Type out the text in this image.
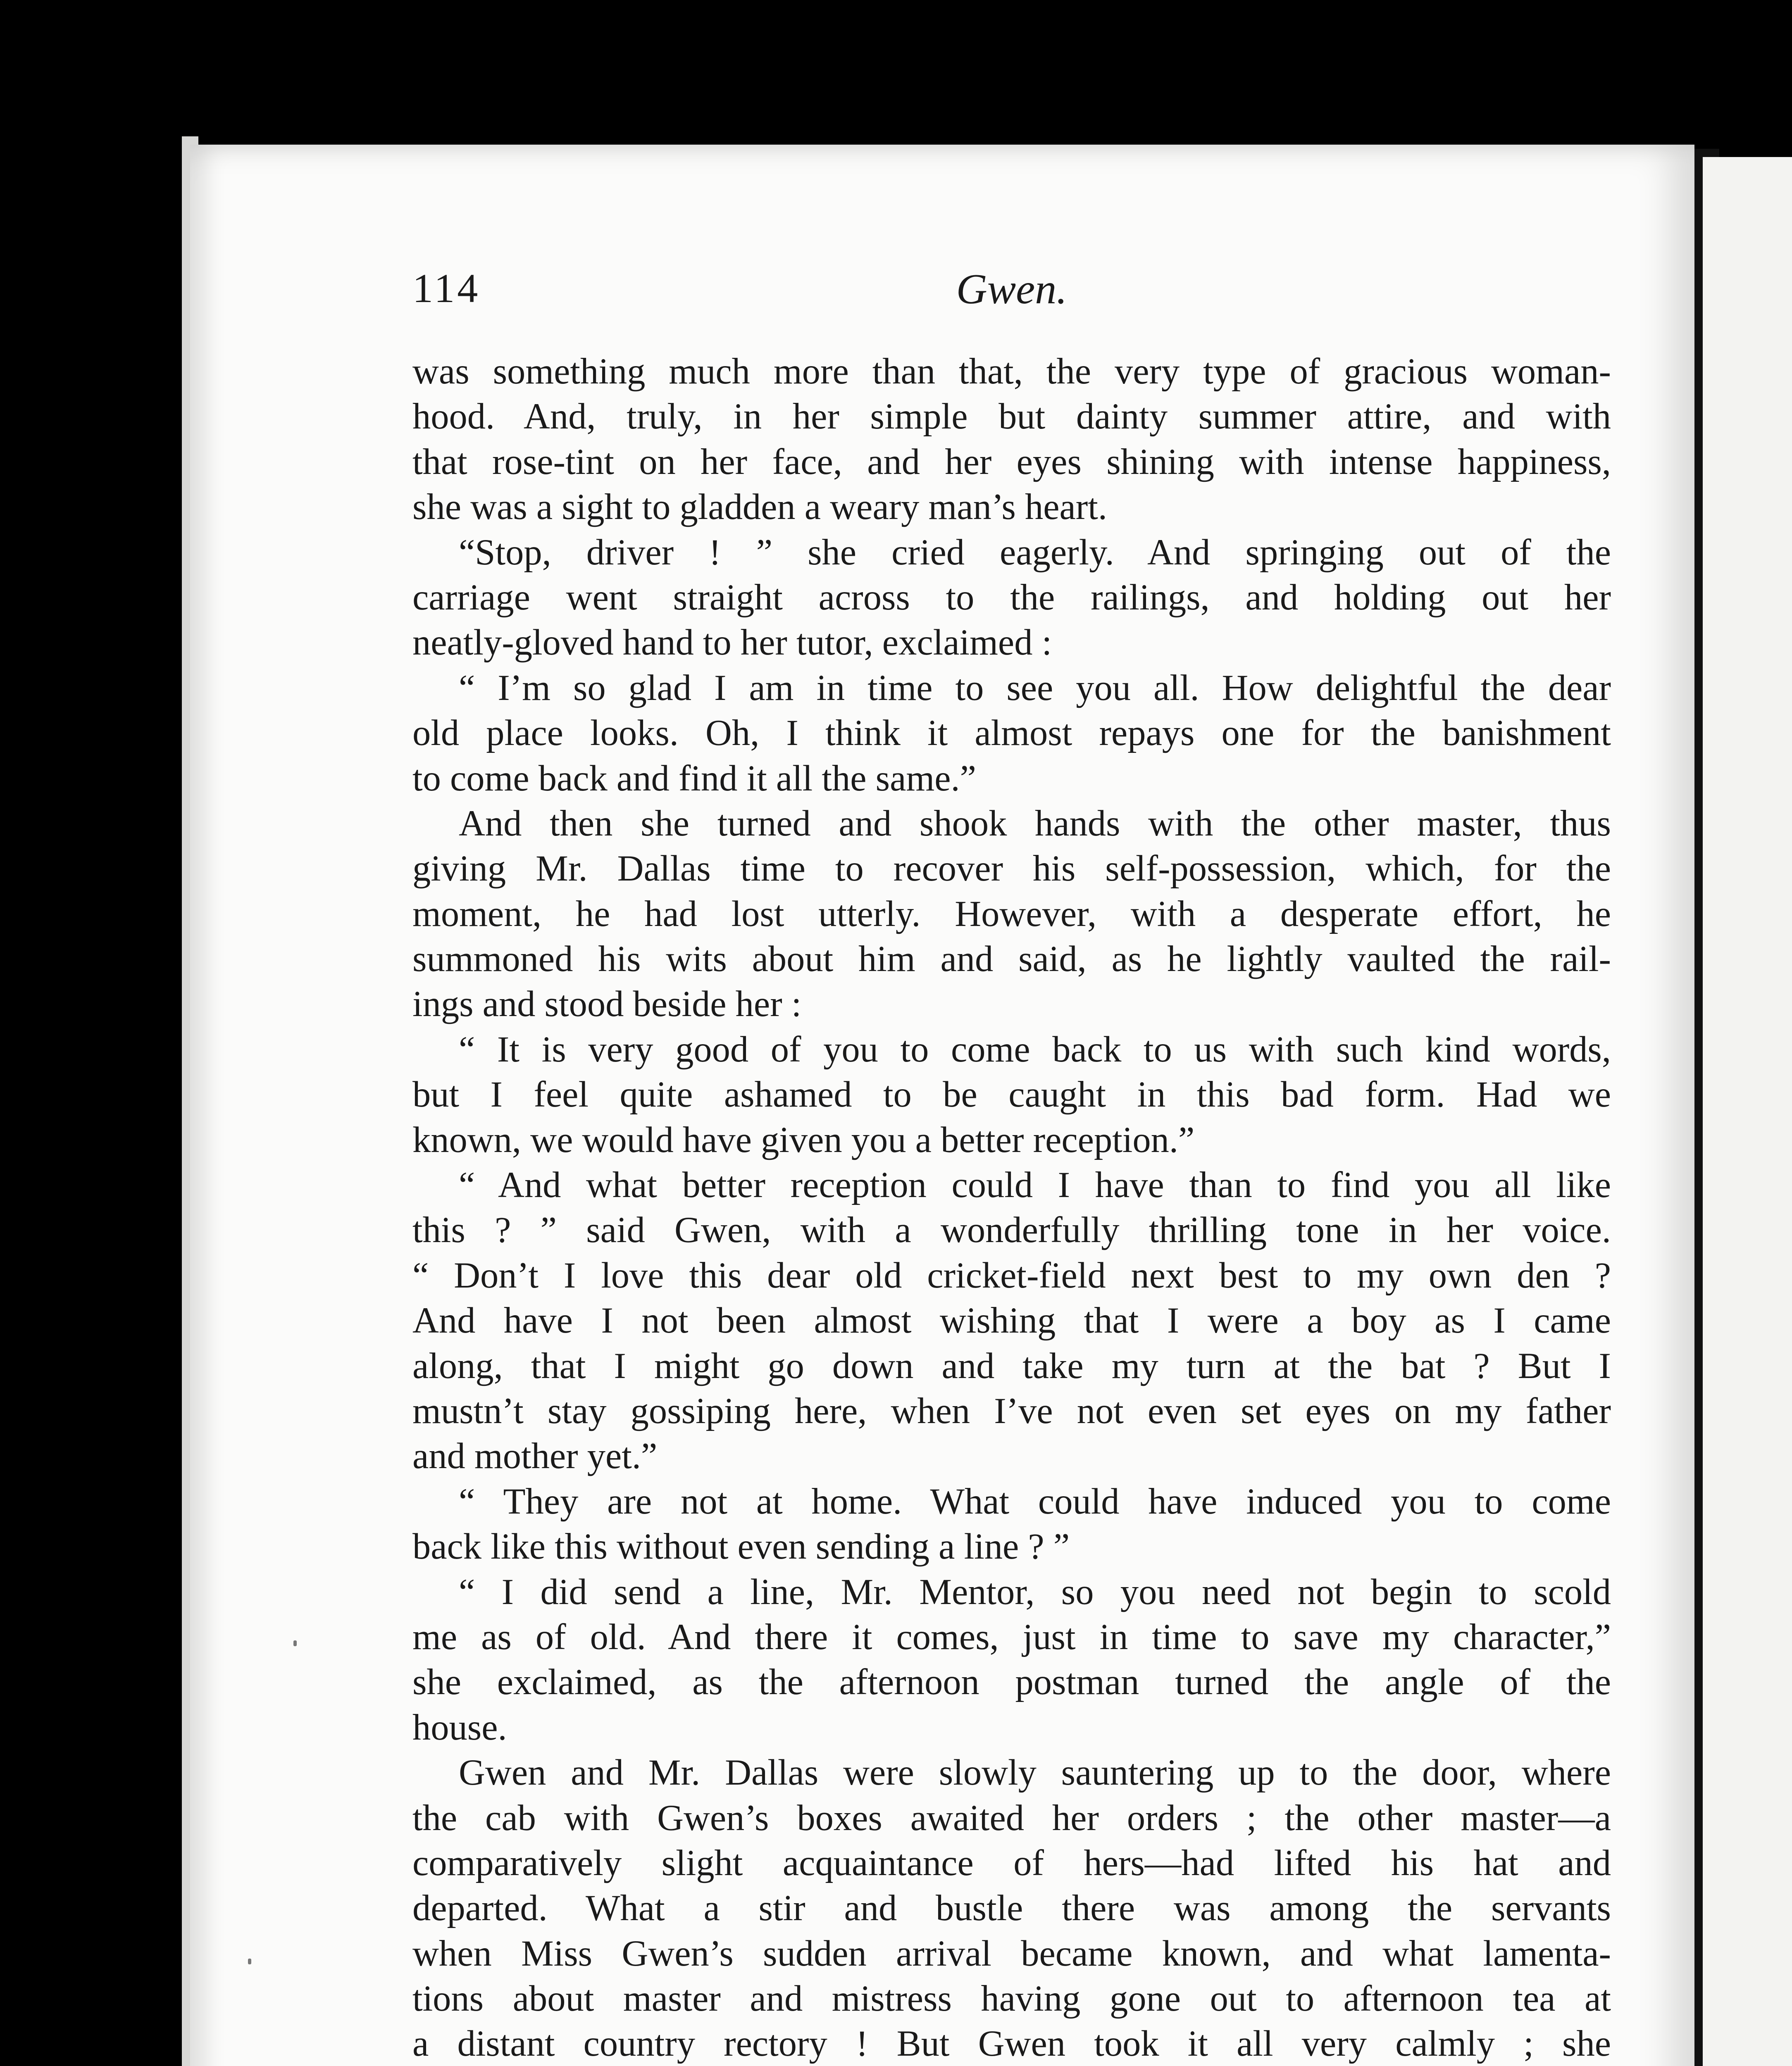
114	Gwen.
was something much more than that, the very type of gracious woman-
hood. And, truly, in her simple but dainty summer attire, and with
that rose-tint on her face, and her eyes shining with intense happiness,
she was a sight to gladden a weary man’s heart.
“Stop, driver ! ” she cried eagerly. And springing out of the
carriage went straight across to the railings, and holding out her
neatly-gloved hand to her tutor, exclaimed :
“ I’m so glad I am in time to see you all. How delightful the dear
old place looks. Oh, I think it almost repays one for the banishment
to come back and find it all the same.”
And then she turned and shook hands with the other master, thus
giving Mr. Dallas time to recover his self-possession, which, for the
moment, he had lost utterly. However, with a desperate effort, he
summoned his wits about him and said, as he lightly vaulted the rail-
ings and stood beside her :
“ It is very good of you to come back to us with such kind words,
but I feel quite ashamed to be caught in this bad form. Had we
known, we would have given you a better reception.”
“ And what better reception could I have than to find you all like
this ? ” said Gwen, with a wonderfully thrilling tone in her voice.
“ Don’t I love this dear old cricket-field next best to my own den ?
And have I not been almost wishing that I were a boy as I came
along, that I might go down and take my turn at the bat ? But I
mustn’t stay gossiping here, when I’ve not even set eyes on my father
and mother yet.”
“ They are not at home. What could have induced you to come
back like this without even sending a line ? ”
“ I did send a line, Mr. Mentor, so you need not begin to scold
me as of old. And there it comes, just in time to save my character,”
she exclaimed, as the afternoon postman turned the angle of the
house.
Gwen and Mr. Dallas were slowly sauntering up to the door, where
the cab with Gwen’s boxes awaited her orders ; the other master—a
comparatively slight acquaintance of hers—had lifted his hat and
departed. What a stir and bustle there was among the servants
when Miss Gwen’s sudden arrival became known, and what lamenta-
tions about master and mistress having gone out to afternoon tea at
a distant country rectory ! But Gwen took it all very calmly ; she
